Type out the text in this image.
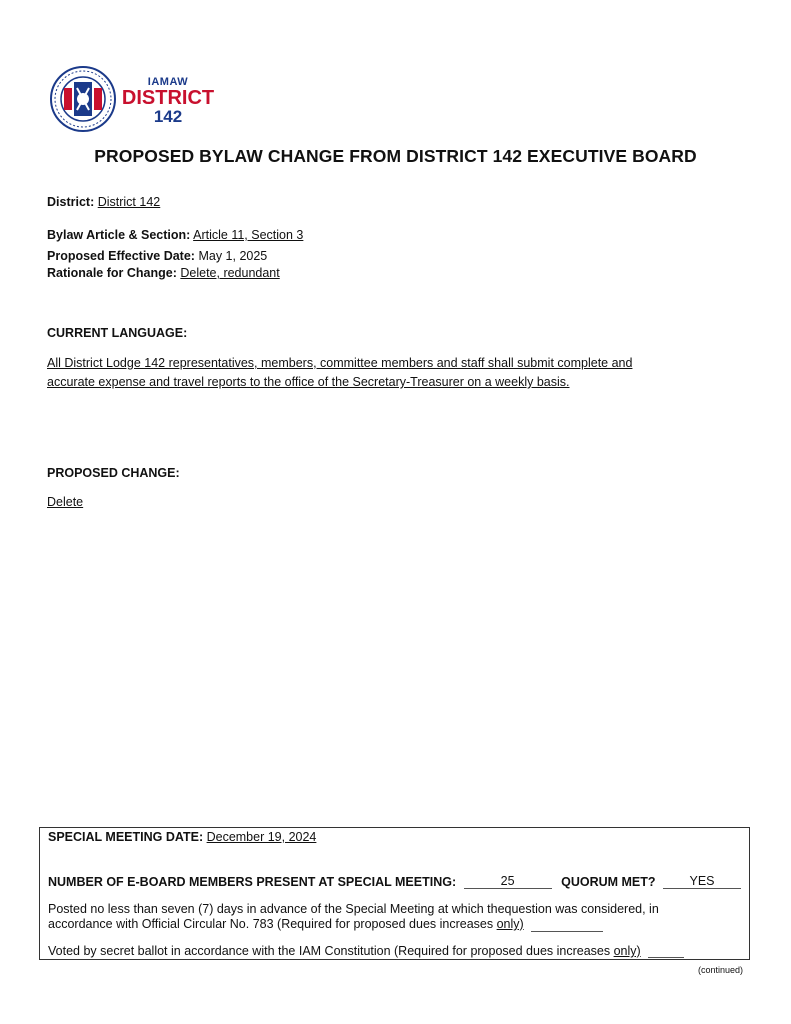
IAMAW
DISTRICT
142
PROPOSED BYLAW CHANGE FROM DISTRICT 142 EXECUTIVE BOARD
District: District 142
Bylaw Article & Section: Article 11, Section 3
Proposed Effective Date: May 1, 2025
Rationale for Change: Delete, redundant
CURRENT LANGUAGE:
All District Lodge 142 representatives, members, committee members and staff shall submit complete and
accurate expense and travel reports to the office of the Secretary-Treasurer on a weekly basis.
PROPOSED CHANGE:
Delete
SPECIAL MEETING DATE: December 19, 2024
NUMBER OF E-BOARD MEMBERS PRESENT AT SPECIAL MEETING:	25	QUORUM MET?	YES
Posted no less than seven (7) days in advance of the Special Meeting at which thequestion was considered, in
accordance with Official Circular No. 783 (Required for proposed dues increases only)
Voted by secret ballot in accordance with the IAM Constitution (Required for proposed dues increases only)
(continued)
